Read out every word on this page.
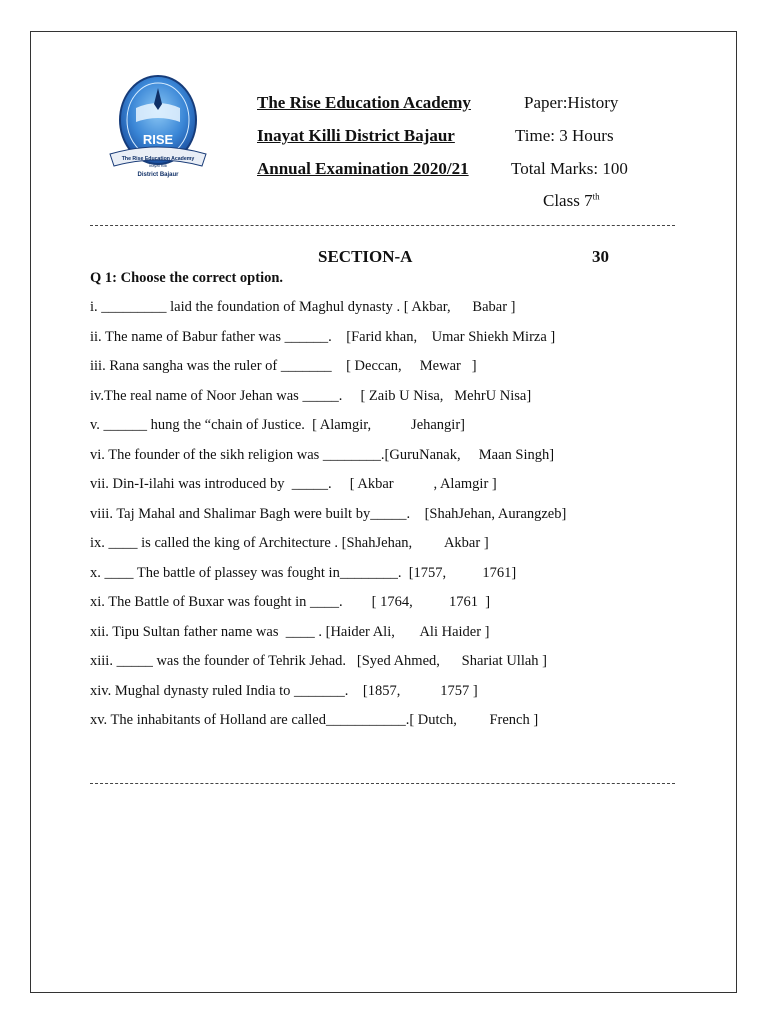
RISE
The Rise Education Academy
Inayat Killi
District Bajaur
The Rise Education Academy
Inayat Killi District Bajaur
Annual Examination 2020/21
Paper:History
Time: 3 Hours
Total Marks: 100
Class 7th
SECTION-A	30
Q 1: Choose the correct option.
i. _________ laid the foundation of Maghul dynasty . [ Akbar,      Babar ]
ii. The name of Babur father was ______.    [Farid khan,    Umar Shiekh Mirza ]
iii. Rana sangha was the ruler of _______    [ Deccan,     Mewar   ]
iv.The real name of Noor Jehan was _____.     [ Zaib U Nisa,   MehrU Nisa]
v. ______ hung the “chain of Justice.  [ Alamgir,           Jehangir]
vi. The founder of the sikh religion was ________.[GuruNanak,     Maan Singh]
vii. Din-I-ilahi was introduced by  _____.     [ Akbar           , Alamgir ]
viii. Taj Mahal and Shalimar Bagh were built by_____.    [ShahJehan, Aurangzeb]
ix. ____ is called the king of Architecture . [ShahJehan,         Akbar ]
x. ____ The battle of plassey was fought in________.  [1757,          1761]
xi. The Battle of Buxar was fought in ____.        [ 1764,          1761  ]
xii. Tipu Sultan father name was  ____ . [Haider Ali,       Ali Haider ]
xiii. _____ was the founder of Tehrik Jehad.   [Syed Ahmed,      Shariat Ullah ]
xiv. Mughal dynasty ruled India to _______.    [1857,           1757 ]
xv. The inhabitants of Holland are called___________.[ Dutch,         French ]
